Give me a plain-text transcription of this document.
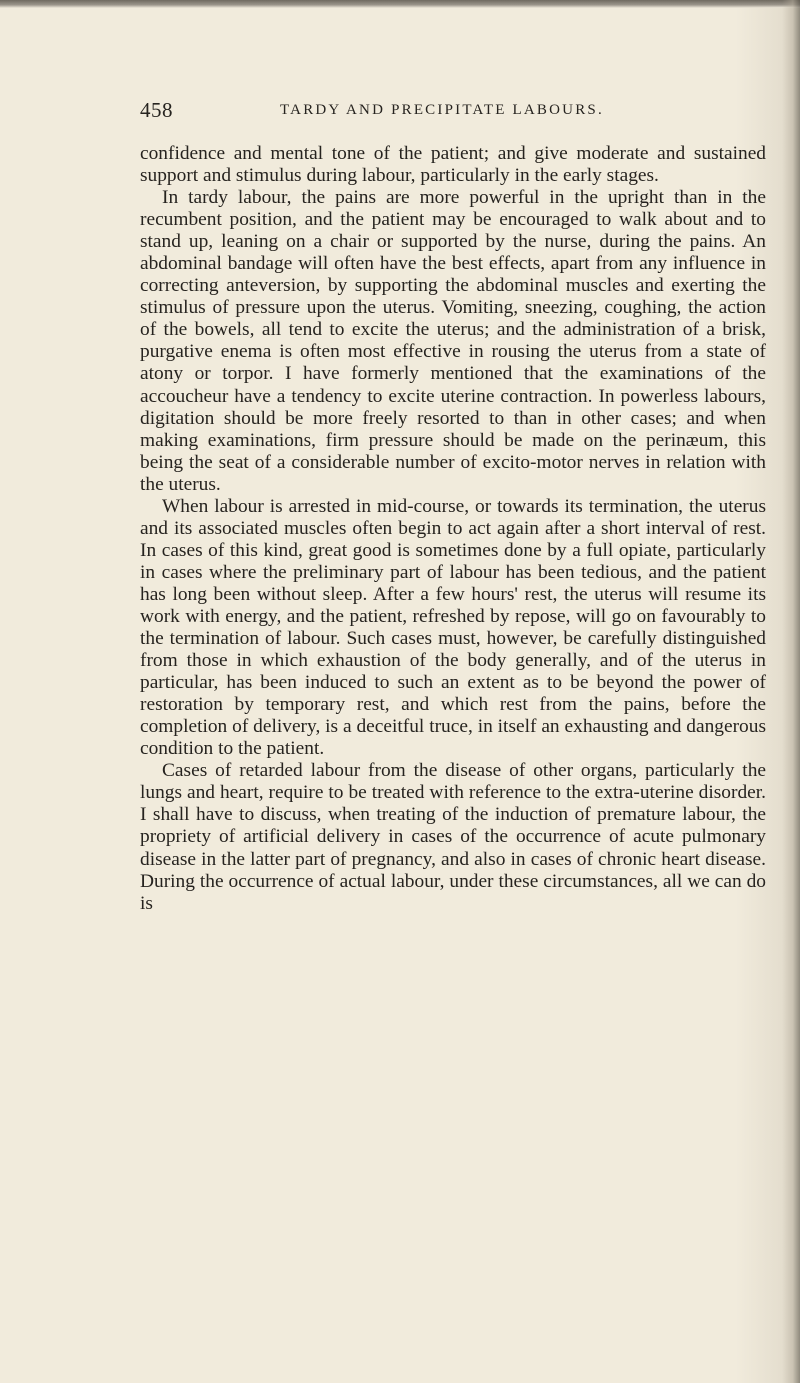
458	TARDY AND PRECIPITATE LABOURS.

confidence and mental tone of the patient; and give moderate and sustained support and stimulus during labour, particularly in the early stages.

In tardy labour, the pains are more powerful in the upright than in the recumbent position, and the patient may be encouraged to walk about and to stand up, leaning on a chair or supported by the nurse, during the pains. An abdominal bandage will often have the best effects, apart from any influence in correcting anteversion, by supporting the abdominal muscles and exerting the stimulus of pressure upon the uterus. Vomiting, sneezing, coughing, the action of the bowels, all tend to excite the uterus; and the administration of a brisk, purgative enema is often most effective in rousing the uterus from a state of atony or torpor. I have formerly mentioned that the examinations of the accoucheur have a tendency to excite uterine contraction. In powerless labours, digitation should be more freely resorted to than in other cases; and when making examinations, firm pressure should be made on the perinæum, this being the seat of a considerable number of excito-motor nerves in relation with the uterus.

When labour is arrested in mid-course, or towards its termination, the uterus and its associated muscles often begin to act again after a short interval of rest. In cases of this kind, great good is sometimes done by a full opiate, particularly in cases where the preliminary part of labour has been tedious, and the patient has long been without sleep. After a few hours' rest, the uterus will resume its work with energy, and the patient, refreshed by repose, will go on favourably to the termination of labour. Such cases must, however, be carefully distinguished from those in which exhaustion of the body generally, and of the uterus in particular, has been induced to such an extent as to be beyond the power of restoration by temporary rest, and which rest from the pains, before the completion of delivery, is a deceitful truce, in itself an exhausting and dangerous condition to the patient.

Cases of retarded labour from the disease of other organs, particularly the lungs and heart, require to be treated with reference to the extra-uterine disorder. I shall have to discuss, when treating of the induction of premature labour, the propriety of artificial delivery in cases of the occurrence of acute pulmonary disease in the latter part of pregnancy, and also in cases of chronic heart disease. During the occurrence of actual labour, under these circumstances, all we can do is
